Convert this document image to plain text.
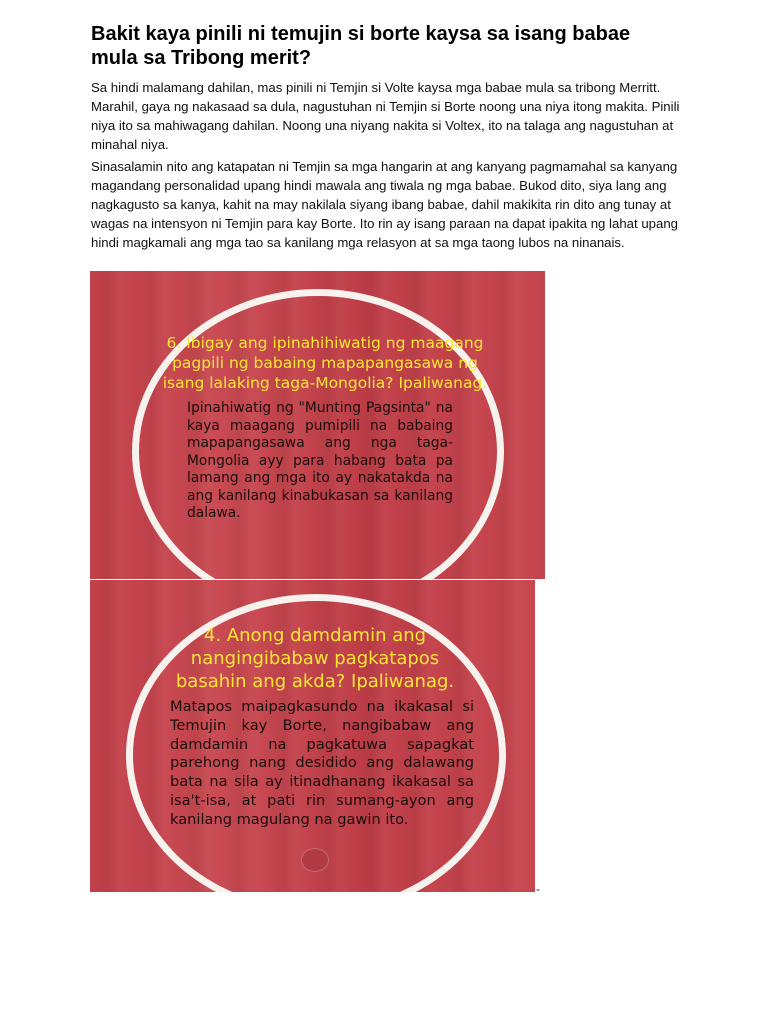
Bakit kaya pinili ni temujin si borte kaysa sa isang babae mula sa Tribong merit?

Sa hindi malamang dahilan, mas pinili ni Temjin si Volte kaysa mga babae mula sa tribong Merritt. Marahil, gaya ng nakasaad sa dula, nagustuhan ni Temjin si Borte noong una niya itong makita. Pinili niya ito sa mahiwagang dahilan. Noong una niyang nakita si Voltex, ito na talaga ang nagustuhan at minahal niya.

Sinasalamin nito ang katapatan ni Temjin sa mga hangarin at ang kanyang pagmamahal sa kanyang magandang personalidad upang hindi mawala ang tiwala ng mga babae. Bukod dito, siya lang ang nagkagusto sa kanya, kahit na may nakilala siyang ibang babae, dahil makikita rin dito ang tunay at wagas na intensyon ni Temjin para kay Borte. Ito rin ay isang paraan na dapat ipakita ng lahat upang hindi magkamali ang mga tao sa kanilang mga relasyon at sa mga taong lubos na ninanais.

6. Ibigay ang ipinahihiwatig ng maagang pagpili ng babaing mapapangasawa ng isang lalaking taga-Mongolia? Ipaliwanag.

Ipinahiwatig ng "Munting Pagsinta" na kaya maagang pumipili na babaing mapapangasawa ang nga taga- Mongolia ayy para habang bata pa lamang ang mga ito ay nakatakda na ang kanilang kinabukasan sa kanilang dalawa.

4. Anong damdamin ang nangingibabaw pagkatapos basahin ang akda? Ipaliwanag.

Matapos maipagkasundo na ikakasal si Temujin kay Borte, nangibabaw ang damdamin na pagkatuwa sapagkat parehong nang desidido ang dalawang bata na sila ay itinadhanang ikakasal sa isa't-isa, at pati rin sumang-ayon ang kanilang magulang na gawin ito.

-
